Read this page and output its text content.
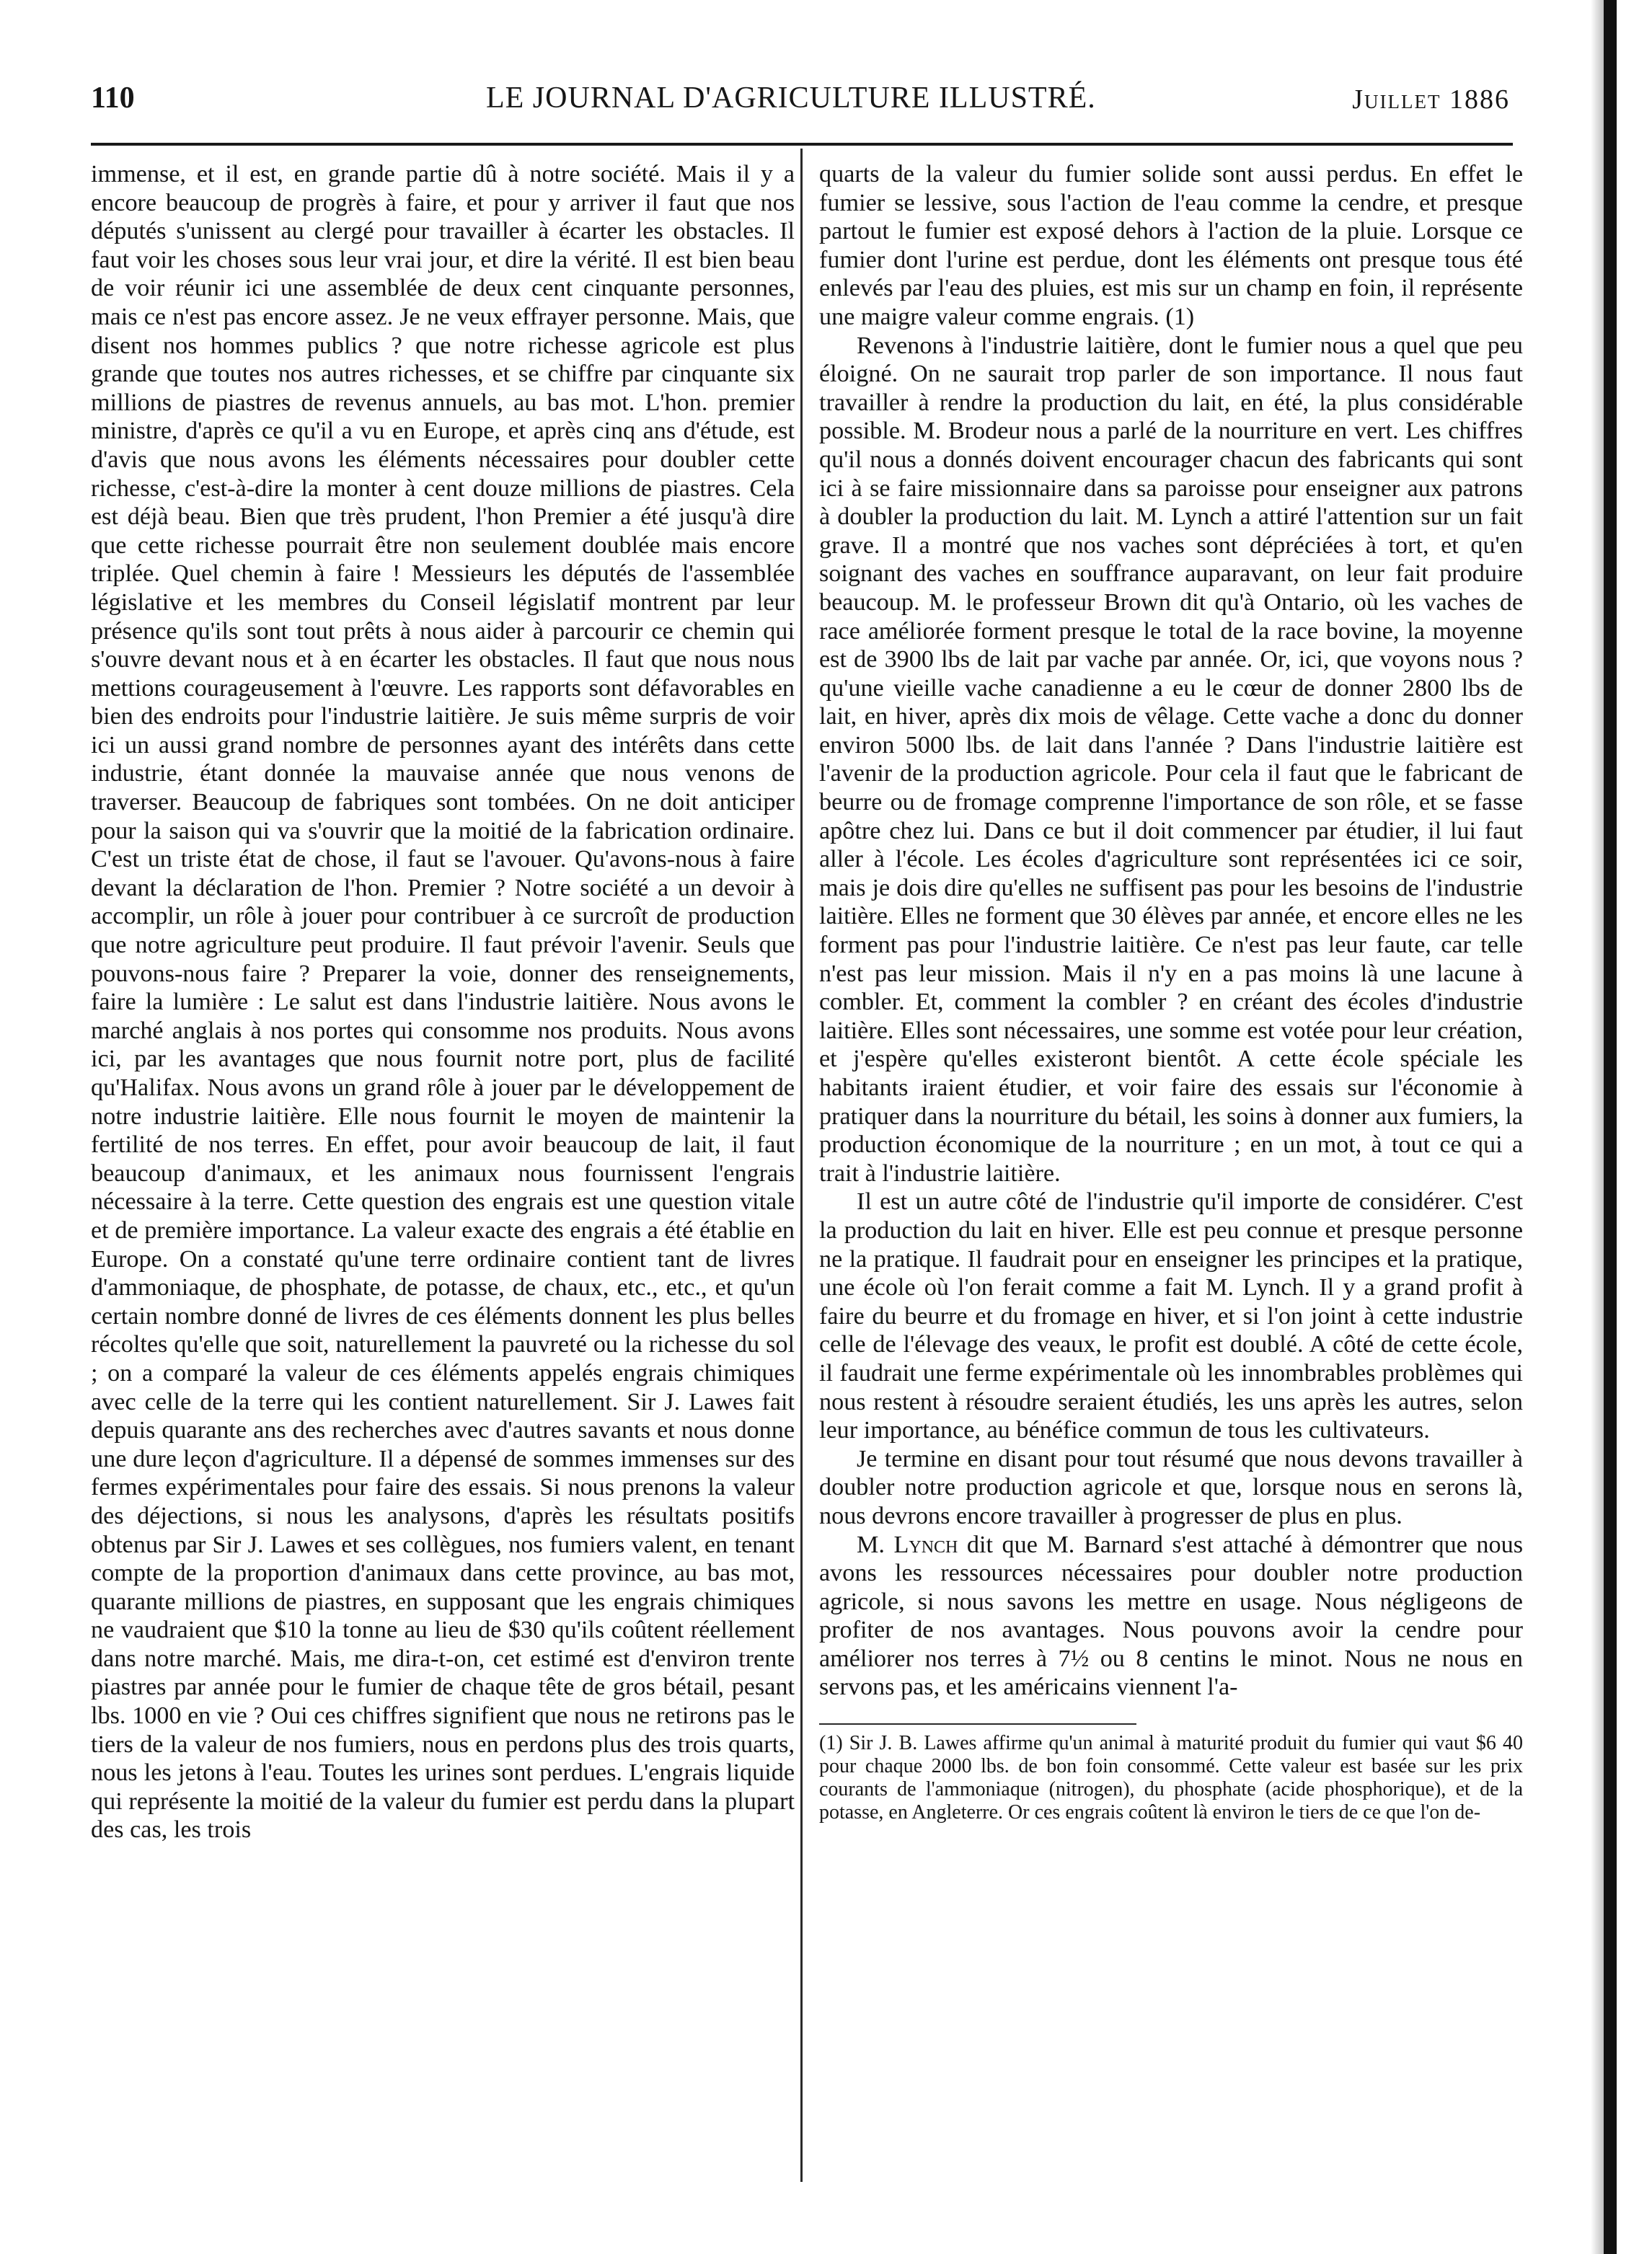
110	LE JOURNAL D'AGRICULTURE ILLUSTRÉ.	Juillet 1886

immense, et il est, en grande partie dû à notre société. Mais il y a encore beaucoup de progrès à faire, et pour y arriver il faut que nos députés s'unissent au clergé pour travailler à écarter les obstacles. Il faut voir les choses sous leur vrai jour, et dire la vérité. Il est bien beau de voir réunir ici une assemblée de deux cent cinquante personnes, mais ce n'est pas encore assez. Je ne veux effrayer personne. Mais, que disent nos hommes publics ? que notre richesse agricole est plus grande que toutes nos autres richesses, et se chiffre par cinquante six millions de piastres de revenus annuels, au bas mot. L'hon. premier ministre, d'après ce qu'il a vu en Europe, et après cinq ans d'étude, est d'avis que nous avons les éléments nécessaires pour doubler cette richesse, c'est-à-dire la monter à cent douze millions de piastres. Cela est déjà beau. Bien que très prudent, l'hon Premier a été jusqu'à dire que cette richesse pourrait être non seulement doublée mais encore triplée. Quel chemin à faire ! Messieurs les députés de l'assemblée législative et les membres du Conseil législatif montrent par leur présence qu'ils sont tout prêts à nous aider à parcourir ce chemin qui s'ouvre devant nous et à en écarter les obstacles. Il faut que nous nous mettions courageusement à l'œuvre. Les rapports sont défavorables en bien des endroits pour l'industrie laitière. Je suis même surpris de voir ici un aussi grand nombre de personnes ayant des intérêts dans cette industrie, étant donnée la mauvaise année que nous venons de traverser. Beaucoup de fabriques sont tombées. On ne doit anticiper pour la saison qui va s'ouvrir que la moitié de la fabrication ordinaire. C'est un triste état de chose, il faut se l'avouer. Qu'avons-nous à faire devant la déclaration de l'hon. Premier ? Notre société a un devoir à accomplir, un rôle à jouer pour contribuer à ce surcroît de production que notre agriculture peut produire. Il faut prévoir l'avenir. Seuls que pouvons-nous faire ? Preparer la voie, donner des renseignements, faire la lumière : Le salut est dans l'industrie laitière. Nous avons le marché anglais à nos portes qui consomme nos produits. Nous avons ici, par les avantages que nous fournit notre port, plus de facilité qu'Halifax. Nous avons un grand rôle à jouer par le développement de notre industrie laitière. Elle nous fournit le moyen de maintenir la fertilité de nos terres. En effet, pour avoir beaucoup de lait, il faut beaucoup d'animaux, et les animaux nous fournissent l'engrais nécessaire à la terre. Cette question des engrais est une question vitale et de première importance. La valeur exacte des engrais a été établie en Europe. On a constaté qu'une terre ordinaire contient tant de livres d'ammoniaque, de phosphate, de potasse, de chaux, etc., etc., et qu'un certain nombre donné de livres de ces éléments donnent les plus belles récoltes qu'elle que soit, naturellement la pauvreté ou la richesse du sol ; on a comparé la valeur de ces éléments appelés engrais chimiques avec celle de la terre qui les contient naturellement. Sir J. Lawes fait depuis quarante ans des recherches avec d'autres savants et nous donne une dure leçon d'agriculture. Il a dépensé de sommes immenses sur des fermes expérimentales pour faire des essais. Si nous prenons la valeur des déjections, si nous les analysons, d'après les résultats positifs obtenus par Sir J. Lawes et ses collègues, nos fumiers valent, en tenant compte de la proportion d'animaux dans cette province, au bas mot, quarante millions de piastres, en supposant que les engrais chimiques ne vaudraient que $10 la tonne au lieu de $30 qu'ils coûtent réellement dans notre marché. Mais, me dira-t-on, cet estimé est d'environ trente piastres par année pour le fumier de chaque tête de gros bétail, pesant lbs. 1000 en vie ? Oui ces chiffres signifient que nous ne retirons pas le tiers de la valeur de nos fumiers, nous en perdons plus des trois quarts, nous les jetons à l'eau. Toutes les urines sont perdues. L'engrais liquide qui représente la moitié de la valeur du fumier est perdu dans la plupart des cas, les trois

quarts de la valeur du fumier solide sont aussi perdus. En effet le fumier se lessive, sous l'action de l'eau comme la cendre, et presque partout le fumier est exposé dehors à l'action de la pluie. Lorsque ce fumier dont l'urine est perdue, dont les éléments ont presque tous été enlevés par l'eau des pluies, est mis sur un champ en foin, il représente une maigre valeur comme engrais. (1)

Revenons à l'industrie laitière, dont le fumier nous a quel que peu éloigné. On ne saurait trop parler de son importance. Il nous faut travailler à rendre la production du lait, en été, la plus considérable possible. M. Brodeur nous a parlé de la nourriture en vert. Les chiffres qu'il nous a donnés doivent encourager chacun des fabricants qui sont ici à se faire missionnaire dans sa paroisse pour enseigner aux patrons à doubler la production du lait. M. Lynch a attiré l'attention sur un fait grave. Il a montré que nos vaches sont dépréciées à tort, et qu'en soignant des vaches en souffrance auparavant, on leur fait produire beaucoup. M. le professeur Brown dit qu'à Ontario, où les vaches de race améliorée forment presque le total de la race bovine, la moyenne est de 3900 lbs de lait par vache par année. Or, ici, que voyons nous ? qu'une vieille vache canadienne a eu le cœur de donner 2800 lbs de lait, en hiver, après dix mois de vêlage. Cette vache a donc du donner environ 5000 lbs. de lait dans l'année ? Dans l'industrie laitière est l'avenir de la production agricole. Pour cela il faut que le fabricant de beurre ou de fromage comprenne l'importance de son rôle, et se fasse apôtre chez lui. Dans ce but il doit commencer par étudier, il lui faut aller à l'école. Les écoles d'agriculture sont représentées ici ce soir, mais je dois dire qu'elles ne suffisent pas pour les besoins de l'industrie laitière. Elles ne forment que 30 élèves par année, et encore elles ne les forment pas pour l'industrie laitière. Ce n'est pas leur faute, car telle n'est pas leur mission. Mais il n'y en a pas moins là une lacune à combler. Et, comment la combler ? en créant des écoles d'industrie laitière. Elles sont nécessaires, une somme est votée pour leur création, et j'espère qu'elles existeront bientôt. A cette école spéciale les habitants iraient étudier, et voir faire des essais sur l'économie à pratiquer dans la nourriture du bétail, les soins à donner aux fumiers, la production économique de la nourriture ; en un mot, à tout ce qui a trait à l'industrie laitière.

Il est un autre côté de l'industrie qu'il importe de considérer. C'est la production du lait en hiver. Elle est peu connue et presque personne ne la pratique. Il faudrait pour en enseigner les principes et la pratique, une école où l'on ferait comme a fait M. Lynch. Il y a grand profit à faire du beurre et du fromage en hiver, et si l'on joint à cette industrie celle de l'élevage des veaux, le profit est doublé. A côté de cette école, il faudrait une ferme expérimentale où les innombrables problèmes qui nous restent à résoudre seraient étudiés, les uns après les autres, selon leur importance, au bénéfice commun de tous les cultivateurs.

Je termine en disant pour tout résumé que nous devons travailler à doubler notre production agricole et que, lorsque nous en serons là, nous devrons encore travailler à progresser de plus en plus.

M. Lynch dit que M. Barnard s'est attaché à démontrer que nous avons les ressources nécessaires pour doubler notre production agricole, si nous savons les mettre en usage. Nous négligeons de profiter de nos avantages. Nous pouvons avoir la cendre pour améliorer nos terres à 7½ ou 8 centins le minot. Nous ne nous en servons pas, et les américains viennent l'a-

(1) Sir J. B. Lawes affirme qu'un animal à maturité produit du fumier qui vaut $6 40 pour chaque 2000 lbs. de bon foin consommé. Cette valeur est basée sur les prix courants de l'ammoniaque (nitrogen), du phosphate (acide phosphorique), et de la potasse, en Angleterre. Or ces engrais coûtent là environ le tiers de ce que l'on de-
